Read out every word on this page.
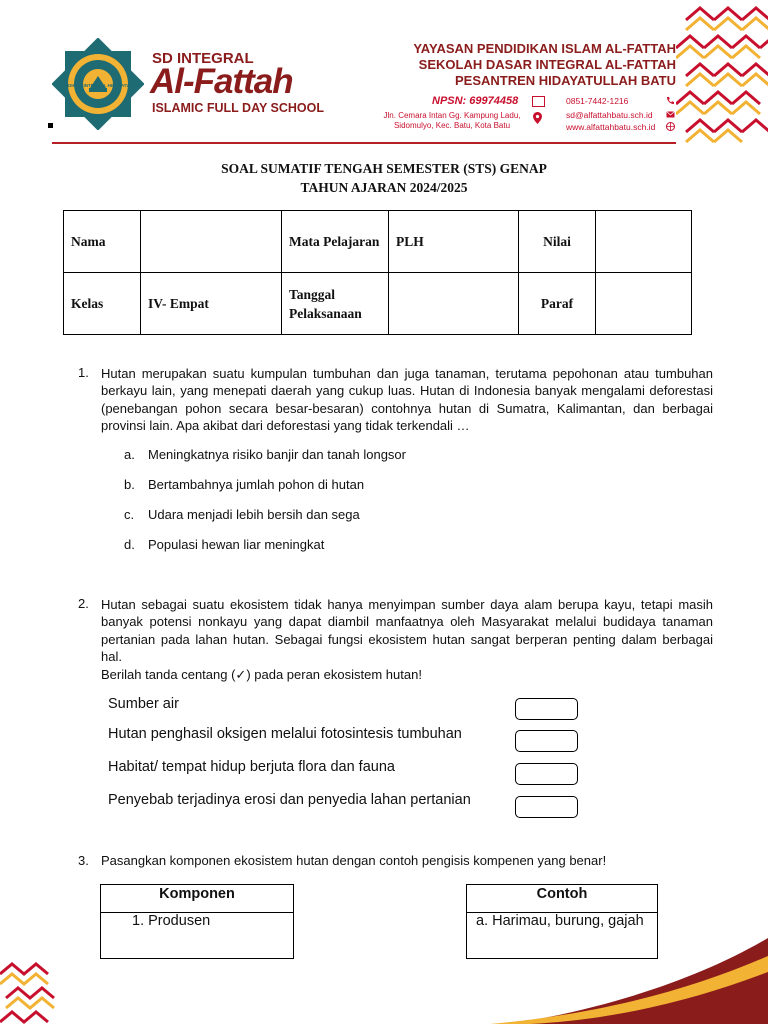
PENDIDIKAN INTEGRAL HIDAYATULLAH
SD INTEGRAL
Al-Fattah
ISLAMIC FULL DAY SCHOOL
YAYASAN PENDIDIKAN ISLAM AL-FATTAH
SEKOLAH DASAR INTEGRAL AL-FATTAH
PESANTREN HIDAYATULLAH BATU
NPSN: 69974458
Jln. Cemara Intan Gg. Kampung Ladu,
Sidomulyo, Kec. Batu, Kota Batu
0851-7442-1216
sd@alfattahbatu.sch.id
www.alfattahbatu.sch.id
SOAL SUMATIF TENGAH SEMESTER (STS) GENAP
TAHUN AJARAN 2024/2025
Nama		Mata Pelajaran	PLH	Nilai	
Kelas	IV- Empat	Tanggal Pelaksanaan		Paraf	
1. Hutan merupakan suatu kumpulan tumbuhan dan juga tanaman, terutama pepohonan atau tumbuhan berkayu lain, yang menepati daerah yang cukup luas. Hutan di Indonesia banyak mengalami deforestasi (penebangan pohon secara besar-besaran) contohnya hutan di Sumatra, Kalimantan, dan berbagai provinsi lain. Apa akibat dari deforestasi yang tidak terkendali …
a. Meningkatnya risiko banjir dan tanah longsor
b. Bertambahnya jumlah pohon di hutan
c. Udara menjadi lebih bersih dan sega
d. Populasi hewan liar meningkat
2. Hutan sebagai suatu ekosistem tidak hanya menyimpan sumber daya alam berupa kayu, tetapi masih banyak potensi nonkayu yang dapat diambil manfaatnya oleh Masyarakat melalui budidaya tanaman pertanian pada lahan hutan. Sebagai fungsi ekosistem hutan sangat berperan penting dalam berbagai hal.
Berilah tanda centang (✓) pada peran ekosistem hutan!
Sumber air
Hutan penghasil oksigen melalui fotosintesis tumbuhan
Habitat/ tempat hidup berjuta flora dan fauna
Penyebab terjadinya erosi dan penyedia lahan pertanian
3. Pasangkan komponen ekosistem hutan dengan contoh pengisis kompenen yang benar!
Komponen
1. Produsen
Contoh
a. Harimau, burung, gajah
